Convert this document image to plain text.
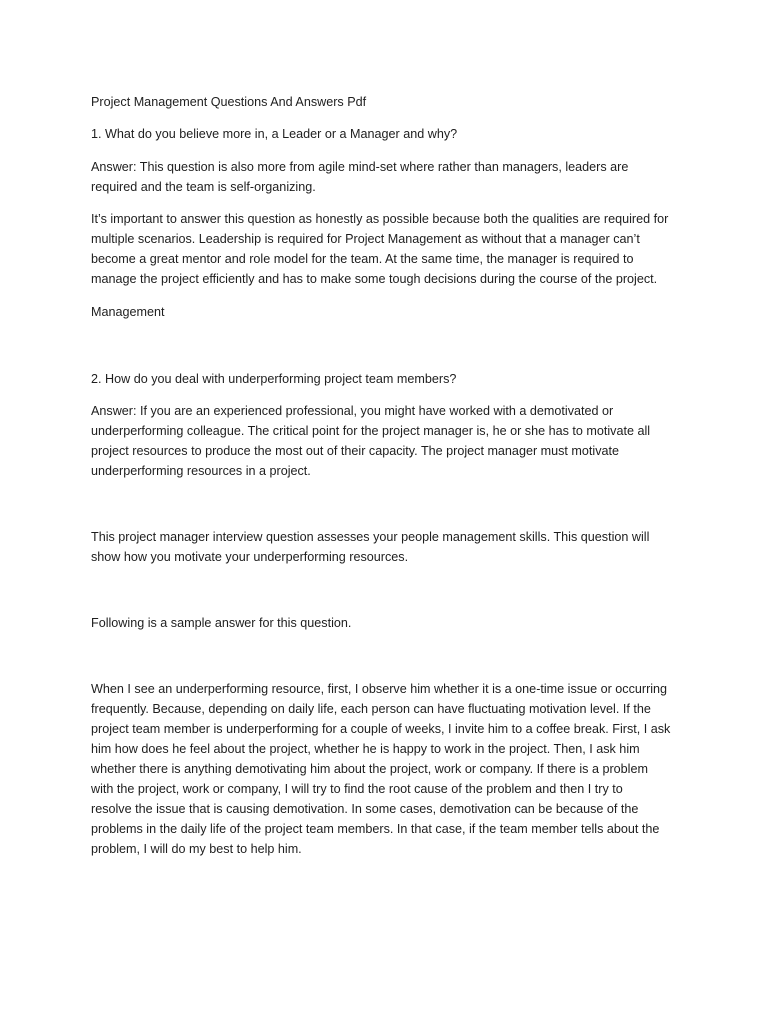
Project Management Questions And Answers Pdf

1. What do you believe more in, a Leader or a Manager and why?

Answer: This question is also more from agile mind-set where rather than managers, leaders are
required and the team is self-organizing.

It’s important to answer this question as honestly as possible because both the qualities are required for
multiple scenarios. Leadership is required for Project Management as without that a manager can’t
become a great mentor and role model for the team. At the same time, the manager is required to
manage the project efficiently and has to make some tough decisions during the course of the project.

Management

2. How do you deal with underperforming project team members?

Answer: If you are an experienced professional, you might have worked with a demotivated or
underperforming colleague. The critical point for the project manager is, he or she has to motivate all
project resources to produce the most out of their capacity. The project manager must motivate
underperforming resources in a project.

This project manager interview question assesses your people management skills. This question will
show how you motivate your underperforming resources.

Following is a sample answer for this question.

When I see an underperforming resource, first, I observe him whether it is a one-time issue or occurring
frequently. Because, depending on daily life, each person can have fluctuating motivation level. If the
project team member is underperforming for a couple of weeks, I invite him to a coffee break. First, I ask
him how does he feel about the project, whether he is happy to work in the project. Then, I ask him
whether there is anything demotivating him about the project, work or company. If there is a problem
with the project, work or company, I will try to find the root cause of the problem and then I try to
resolve the issue that is causing demotivation. In some cases, demotivation can be because of the
problems in the daily life of the project team members. In that case, if the team member tells about the
problem, I will do my best to help him.
